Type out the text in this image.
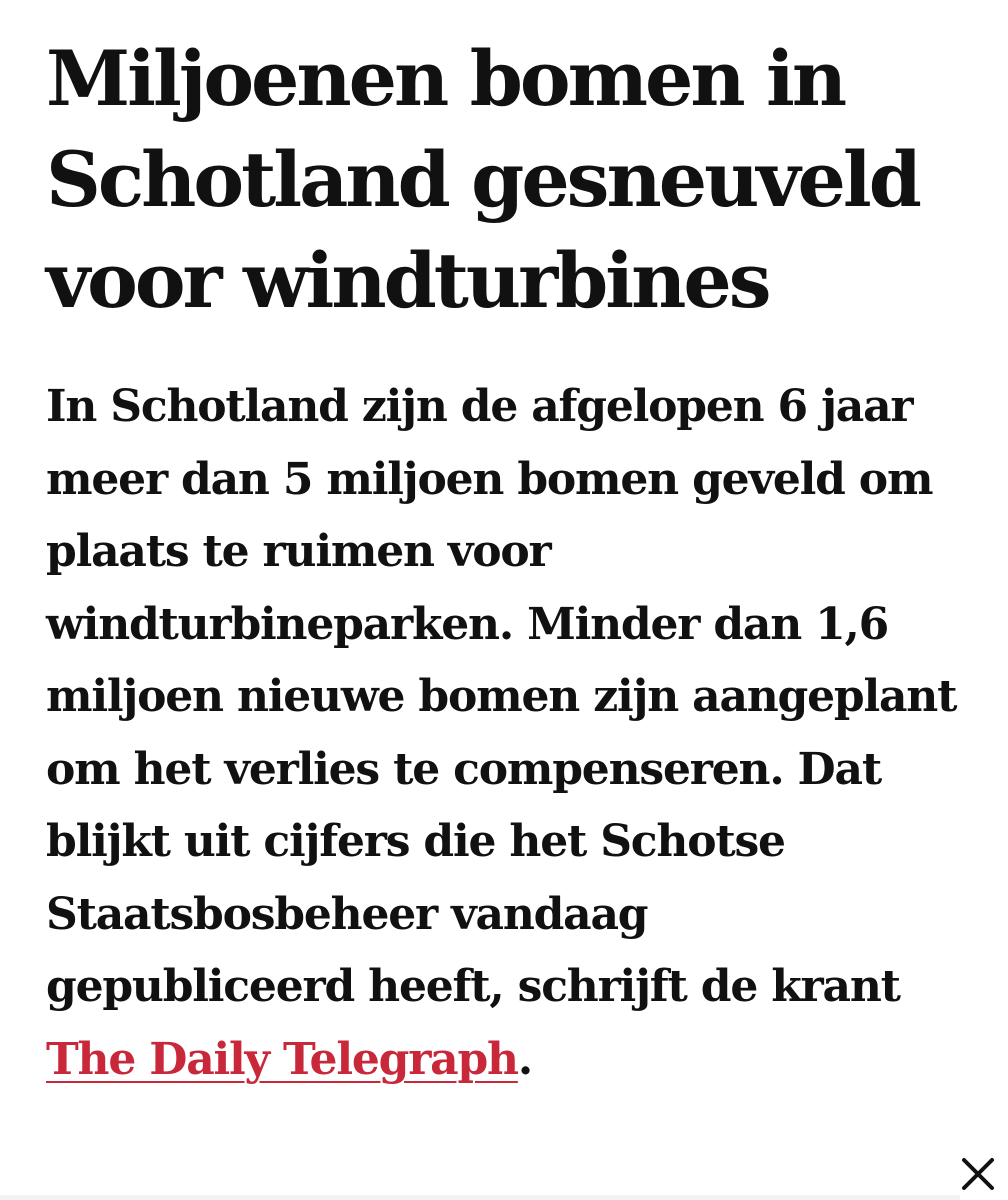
Miljoenen bomen in Schotland gesneuveld voor windturbines

In Schotland zijn de afgelopen 6 jaar meer dan 5 miljoen bomen geveld om plaats te ruimen voor windturbineparken. Minder dan 1,6 miljoen nieuwe bomen zijn aangeplant om het verlies te compenseren. Dat blijkt uit cijfers die het Schotse Staatsbosbeheer vandaag gepubliceerd heeft, schrijft de krant The Daily Telegraph.
